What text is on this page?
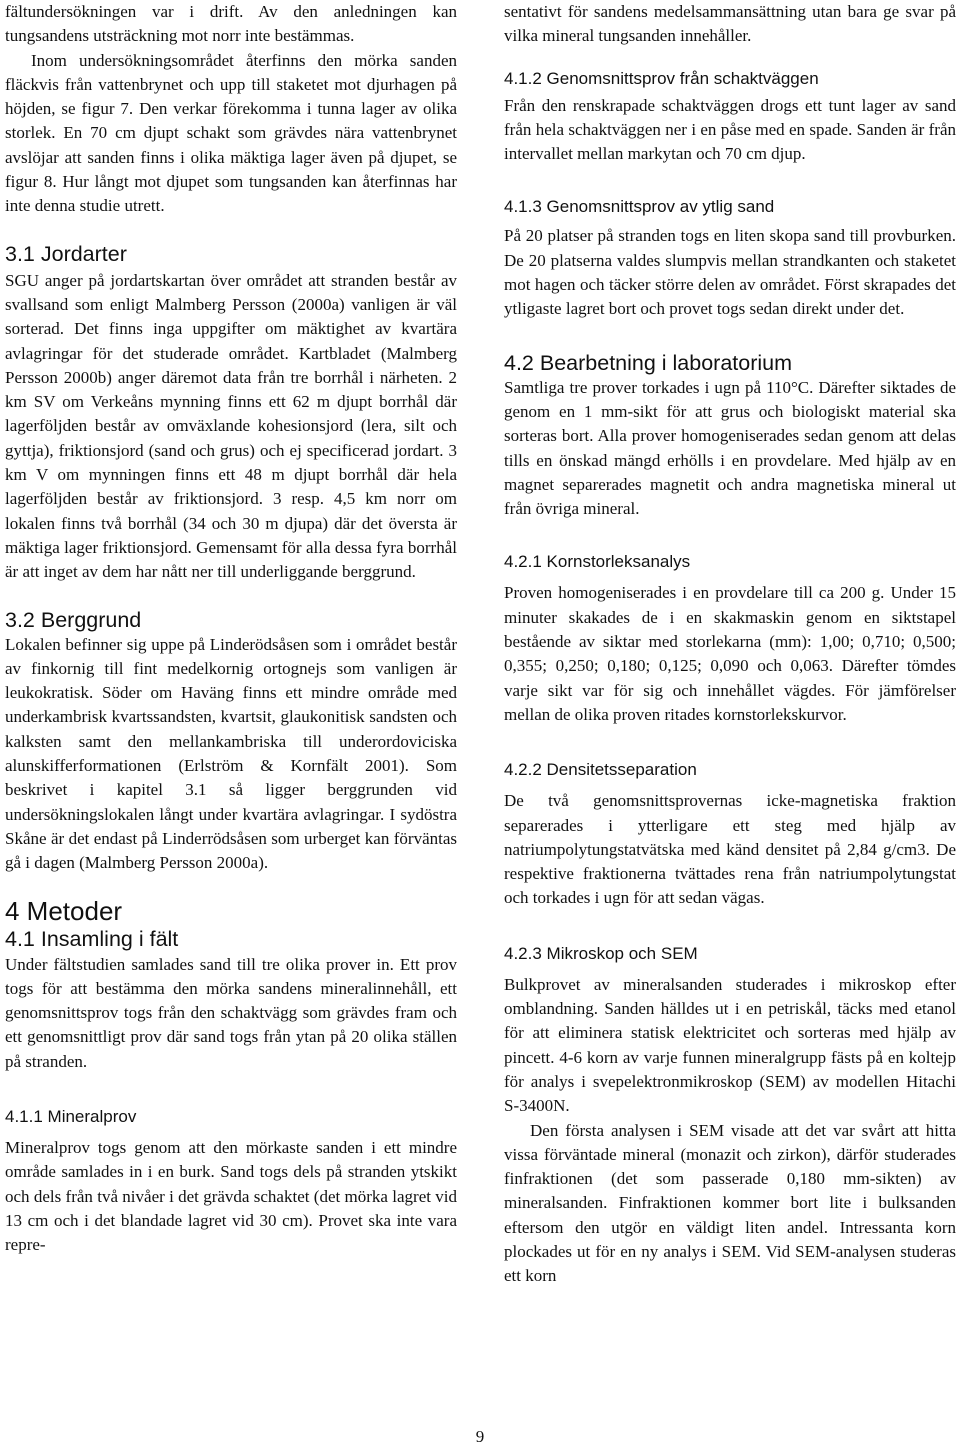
fältundersökningen var i drift. Av den anledningen kan tungsandens utsträckning mot norr inte bestämmas.

Inom undersökningsområdet återfinns den mörka sanden fläckvis från vattenbrynet och upp till staketet mot djurhagen på höjden, se figur 7. Den verkar förekomma i tunna lager av olika storlek. En 70 cm djupt schakt som grävdes nära vattenbrynet avslöjar att sanden finns i olika mäktiga lager även på djupet, se figur 8. Hur långt mot djupet som tungsanden kan återfinnas har inte denna studie utrett.

3.1 Jordarter

SGU anger på jordartskartan över området att stranden består av svallsand som enligt Malmberg Persson (2000a) vanligen är väl sorterad. Det finns inga uppgifter om mäktighet av kvartära avlagringar för det studerade området. Kartbladet (Malmberg Persson 2000b) anger däremot data från tre borrhål i närheten. 2 km SV om Verkeåns mynning finns ett 62 m djupt borrhål där lagerföljden består av omväxlande kohesionsjord (lera, silt och gyttja), friktionsjord (sand och grus) och ej specificerad jordart. 3 km V om mynningen finns ett 48 m djupt borrhål där hela lagerföljden består av friktionsjord. 3 resp. 4,5 km norr om lokalen finns två borrhål (34 och 30 m djupa) där det översta är mäktiga lager friktionsjord. Gemensamt för alla dessa fyra borrhål är att inget av dem har nått ner till underliggande berggrund.

3.2 Berggrund

Lokalen befinner sig uppe på Linderödsåsen som i området består av finkornig till fint medelkornig ortognejs som vanligen är leukokratisk. Söder om Haväng finns ett mindre område med underkambrisk kvartssandsten, kvartsit, glaukonitisk sandsten och kalksten samt den mellankambriska till underordoviciska alunskifferformationen (Erlström & Kornfält 2001). Som beskrivet i kapitel 3.1 så ligger berggrunden vid undersökningslokalen långt under kvartära avlagringar. I sydöstra Skåne är det endast på Linderrödsåsen som urberget kan förväntas gå i dagen (Malmberg Persson 2000a).

4 Metoder
4.1 Insamling i fält

Under fältstudien samlades sand till tre olika prover in. Ett prov togs för att bestämma den mörka sandens mineralinnehåll, ett genomsnittsprov togs från den schaktvägg som grävdes fram och ett genomsnittligt prov där sand togs från ytan på 20 olika ställen på stranden.

4.1.1 Mineralprov

Mineralprov togs genom att den mörkaste sanden i ett mindre område samlades in i en burk. Sand togs dels på stranden ytskikt och dels från två nivåer i det grävda schaktet (det mörka lagret vid 13 cm och i det blandade lagret vid 30 cm). Provet ska inte vara repre-

sentativt för sandens medelsammansättning utan bara ge svar på vilka mineral tungsanden innehåller.

4.1.2 Genomsnittsprov från schaktväggen

Från den renskrapade schaktväggen drogs ett tunt lager av sand från hela schaktväggen ner i en påse med en spade. Sanden är från intervallet mellan markytan och 70 cm djup.

4.1.3 Genomsnittsprov av ytlig sand

På 20 platser på stranden togs en liten skopa sand till provburken. De 20 platserna valdes slumpvis mellan strandkanten och staketet mot hagen och täcker större delen av området. Först skrapades det ytligaste lagret bort och provet togs sedan direkt under det.

4.2 Bearbetning i laboratorium

Samtliga tre prover torkades i ugn på 110°C. Därefter siktades de genom en 1 mm-sikt för att grus och biologiskt material ska sorteras bort. Alla prover homogeniserades sedan genom att delas tills en önskad mängd erhölls i en provdelare. Med hjälp av en magnet separerades magnetit och andra magnetiska mineral ut från övriga mineral.

4.2.1 Kornstorleksanalys

Proven homogeniserades i en provdelare till ca 200 g. Under 15 minuter skakades de i en skakmaskin genom en siktstapel bestående av siktar med storlekarna (mm): 1,00; 0,710; 0,500; 0,355; 0,250; 0,180; 0,125; 0,090 och 0,063. Därefter tömdes varje sikt var för sig och innehållet vägdes. För jämförelser mellan de olika proven ritades kornstorlekskurvor.

4.2.2 Densitetsseparation

De två genomsnittsprovernas icke-magnetiska fraktion separerades i ytterligare ett steg med hjälp av natriumpolytungstatvätska med känd densitet på 2,84 g/cm3. De respektive fraktionerna tvättades rena från natriumpolytungstat och torkades i ugn för att sedan vägas.

4.2.3 Mikroskop och SEM

Bulkprovet av mineralsanden studerades i mikroskop efter omblandning. Sanden hälldes ut i en petriskål, täcks med etanol för att eliminera statisk elektricitet och sorteras med hjälp av pincett. 4-6 korn av varje funnen mineralgrupp fästs på en koltejp för analys i svepelektronmikroskop (SEM) av modellen Hitachi S-3400N.

Den första analysen i SEM visade att det var svårt att hitta vissa förväntade mineral (monazit och zirkon), därför studerades finfraktionen (det som passerade 0,180 mm-sikten) av mineralsanden. Finfraktionen kommer bort lite i bulksanden eftersom den utgör en väldigt liten andel. Intressanta korn plockades ut för en ny analys i SEM. Vid SEM-analysen studeras ett korn

9
